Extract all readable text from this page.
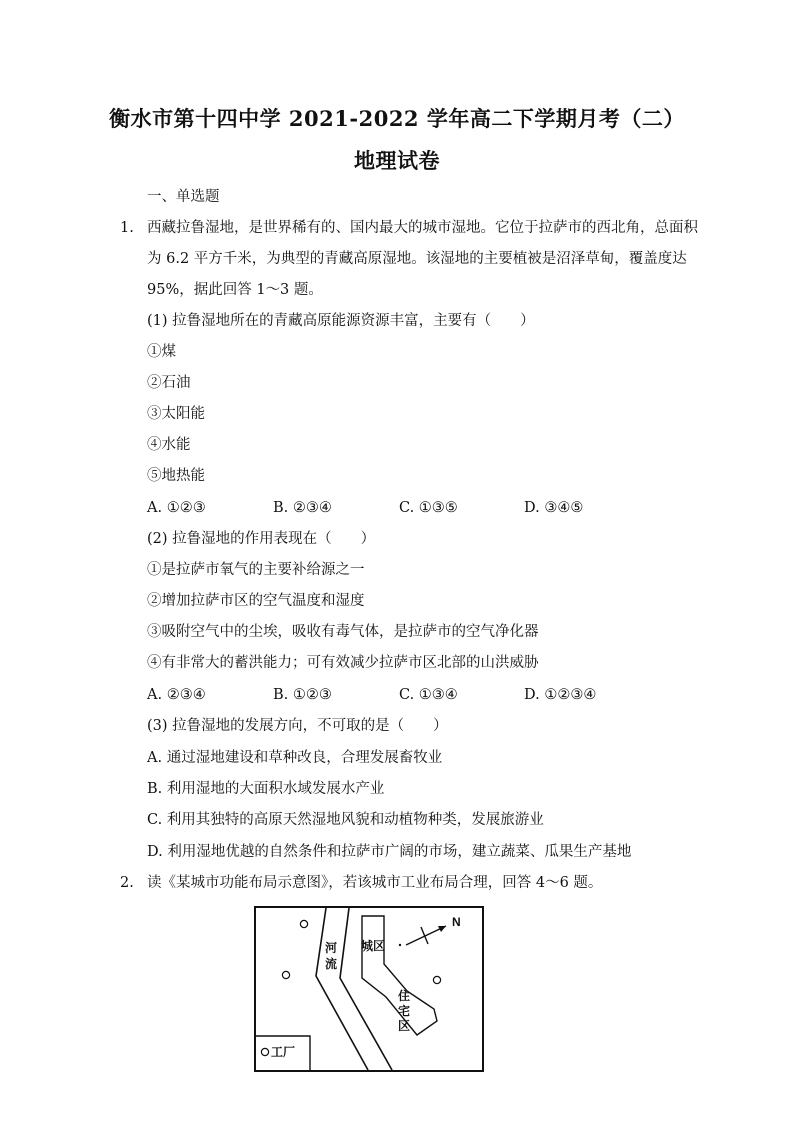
衡水市第十四中学 2021-2022 学年高二下学期月考（二）
地理试卷
一、单选题
1. 西藏拉鲁湿地，是世界稀有的、国内最大的城市湿地。它位于拉萨市的西北角，总面积
为 6.2 平方千米，为典型的青藏高原湿地。该湿地的主要植被是沼泽草甸，覆盖度达
95%，据此回答 1～3 题。
(1) 拉鲁湿地所在的青藏高原能源资源丰富，主要有（　　）
①煤
②石油
③太阳能
④水能
⑤地热能
A. ①②③	B. ②③④	C. ①③⑤	D. ③④⑤
(2) 拉鲁湿地的作用表现在（　　）
①是拉萨市氧气的主要补给源之一
②增加拉萨市区的空气温度和湿度
③吸附空气中的尘埃，吸收有毒气体，是拉萨市的空气净化器
④有非常大的蓄洪能力；可有效减少拉萨市区北部的山洪威胁
A. ②③④	B. ①②③	C. ①③④	D. ①②③④
(3) 拉鲁湿地的发展方向，不可取的是（　　）
A. 通过湿地建设和草种改良，合理发展畜牧业
B. 利用湿地的大面积水域发展水产业
C. 利用其独特的高原天然湿地风貌和动植物种类，发展旅游业
D. 利用湿地优越的自然条件和拉萨市广阔的市场，建立蔬菜、瓜果生产基地
2. 读《某城市功能布局示意图》，若该城市工业布局合理，回答 4～6 题。
N
河
流
城区
住
宅
区
工厂
